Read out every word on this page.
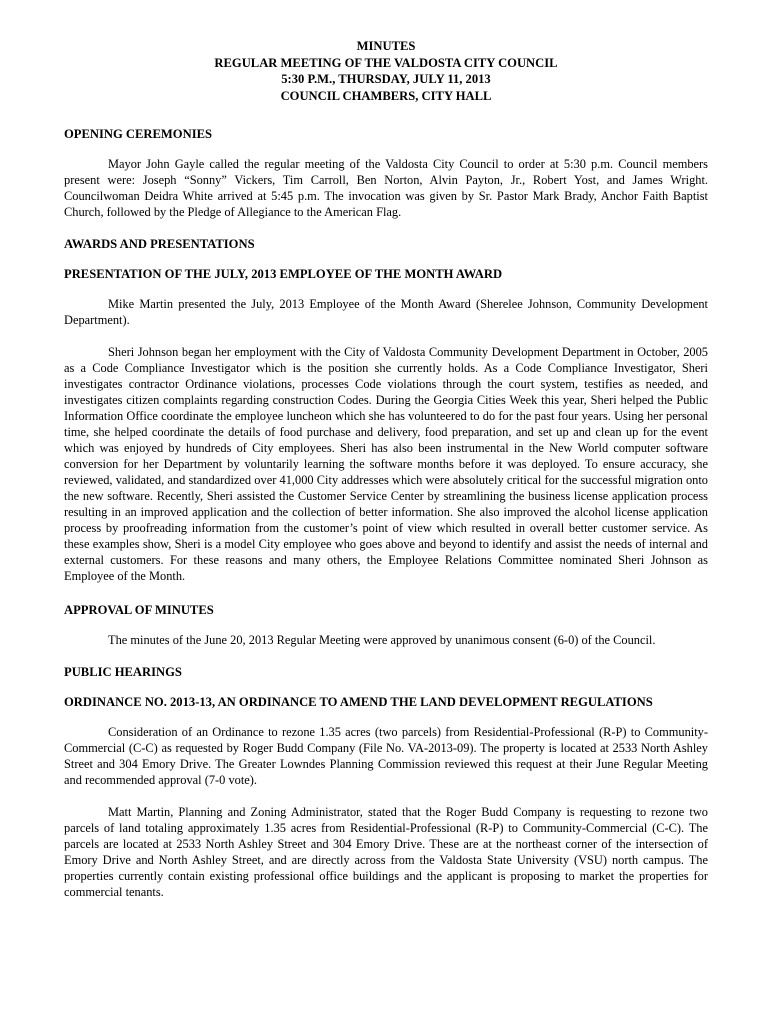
MINUTES
REGULAR MEETING OF THE VALDOSTA CITY COUNCIL
5:30 P.M., THURSDAY, JULY 11, 2013
COUNCIL CHAMBERS, CITY HALL
OPENING CEREMONIES

Mayor John Gayle called the regular meeting of the Valdosta City Council to order at 5:30 p.m. Council members present were: Joseph “Sonny” Vickers, Tim Carroll, Ben Norton, Alvin Payton, Jr., Robert Yost, and James Wright. Councilwoman Deidra White arrived at 5:45 p.m. The invocation was given by Sr. Pastor Mark Brady, Anchor Faith Baptist Church, followed by the Pledge of Allegiance to the American Flag.

AWARDS AND PRESENTATIONS
PRESENTATION OF THE JULY, 2013 EMPLOYEE OF THE MONTH AWARD

Mike Martin presented the July, 2013 Employee of the Month Award (Sherelee Johnson, Community Development Department).

Sheri Johnson began her employment with the City of Valdosta Community Development Department in October, 2005 as a Code Compliance Investigator which is the position she currently holds. As a Code Compliance Investigator, Sheri investigates contractor Ordinance violations, processes Code violations through the court system, testifies as needed, and investigates citizen complaints regarding construction Codes. During the Georgia Cities Week this year, Sheri helped the Public Information Office coordinate the employee luncheon which she has volunteered to do for the past four years. Using her personal time, she helped coordinate the details of food purchase and delivery, food preparation, and set up and clean up for the event which was enjoyed by hundreds of City employees. Sheri has also been instrumental in the New World computer software conversion for her Department by voluntarily learning the software months before it was deployed. To ensure accuracy, she reviewed, validated, and standardized over 41,000 City addresses which were absolutely critical for the successful migration onto the new software. Recently, Sheri assisted the Customer Service Center by streamlining the business license application process resulting in an improved application and the collection of better information. She also improved the alcohol license application process by proofreading information from the customer’s point of view which resulted in overall better customer service. As these examples show, Sheri is a model City employee who goes above and beyond to identify and assist the needs of internal and external customers. For these reasons and many others, the Employee Relations Committee nominated Sheri Johnson as Employee of the Month.

APPROVAL OF MINUTES

The minutes of the June 20, 2013 Regular Meeting were approved by unanimous consent (6-0) of the Council.

PUBLIC HEARINGS
ORDINANCE NO. 2013-13, AN ORDINANCE TO AMEND THE LAND DEVELOPMENT REGULATIONS

Consideration of an Ordinance to rezone 1.35 acres (two parcels) from Residential-Professional (R-P) to Community-Commercial (C-C) as requested by Roger Budd Company (File No. VA-2013-09). The property is located at 2533 North Ashley Street and 304 Emory Drive. The Greater Lowndes Planning Commission reviewed this request at their June Regular Meeting and recommended approval (7-0 vote).

Matt Martin, Planning and Zoning Administrator, stated that the Roger Budd Company is requesting to rezone two parcels of land totaling approximately 1.35 acres from Residential-Professional (R-P) to Community-Commercial (C-C). The parcels are located at 2533 North Ashley Street and 304 Emory Drive. These are at the northeast corner of the intersection of Emory Drive and North Ashley Street, and are directly across from the Valdosta State University (VSU) north campus. The properties currently contain existing professional office buildings and the applicant is proposing to market the properties for commercial tenants.
